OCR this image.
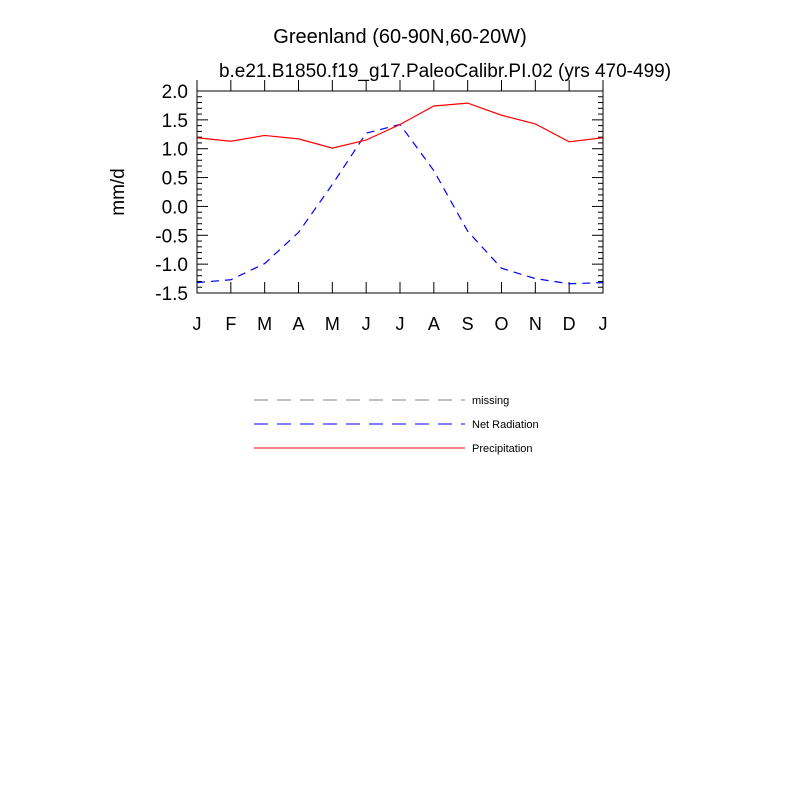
Greenland (60-90N,60-20W)
b.e21.B1850.f19_g17.PaleoCalibr.PI.02 (yrs 470-499)
mm/d
2.0
1.5
1.0
0.5
0.0
-0.5
-1.0
-1.5
J F M A M J J A S O N D J
missing
Net Radiation
Precipitation
